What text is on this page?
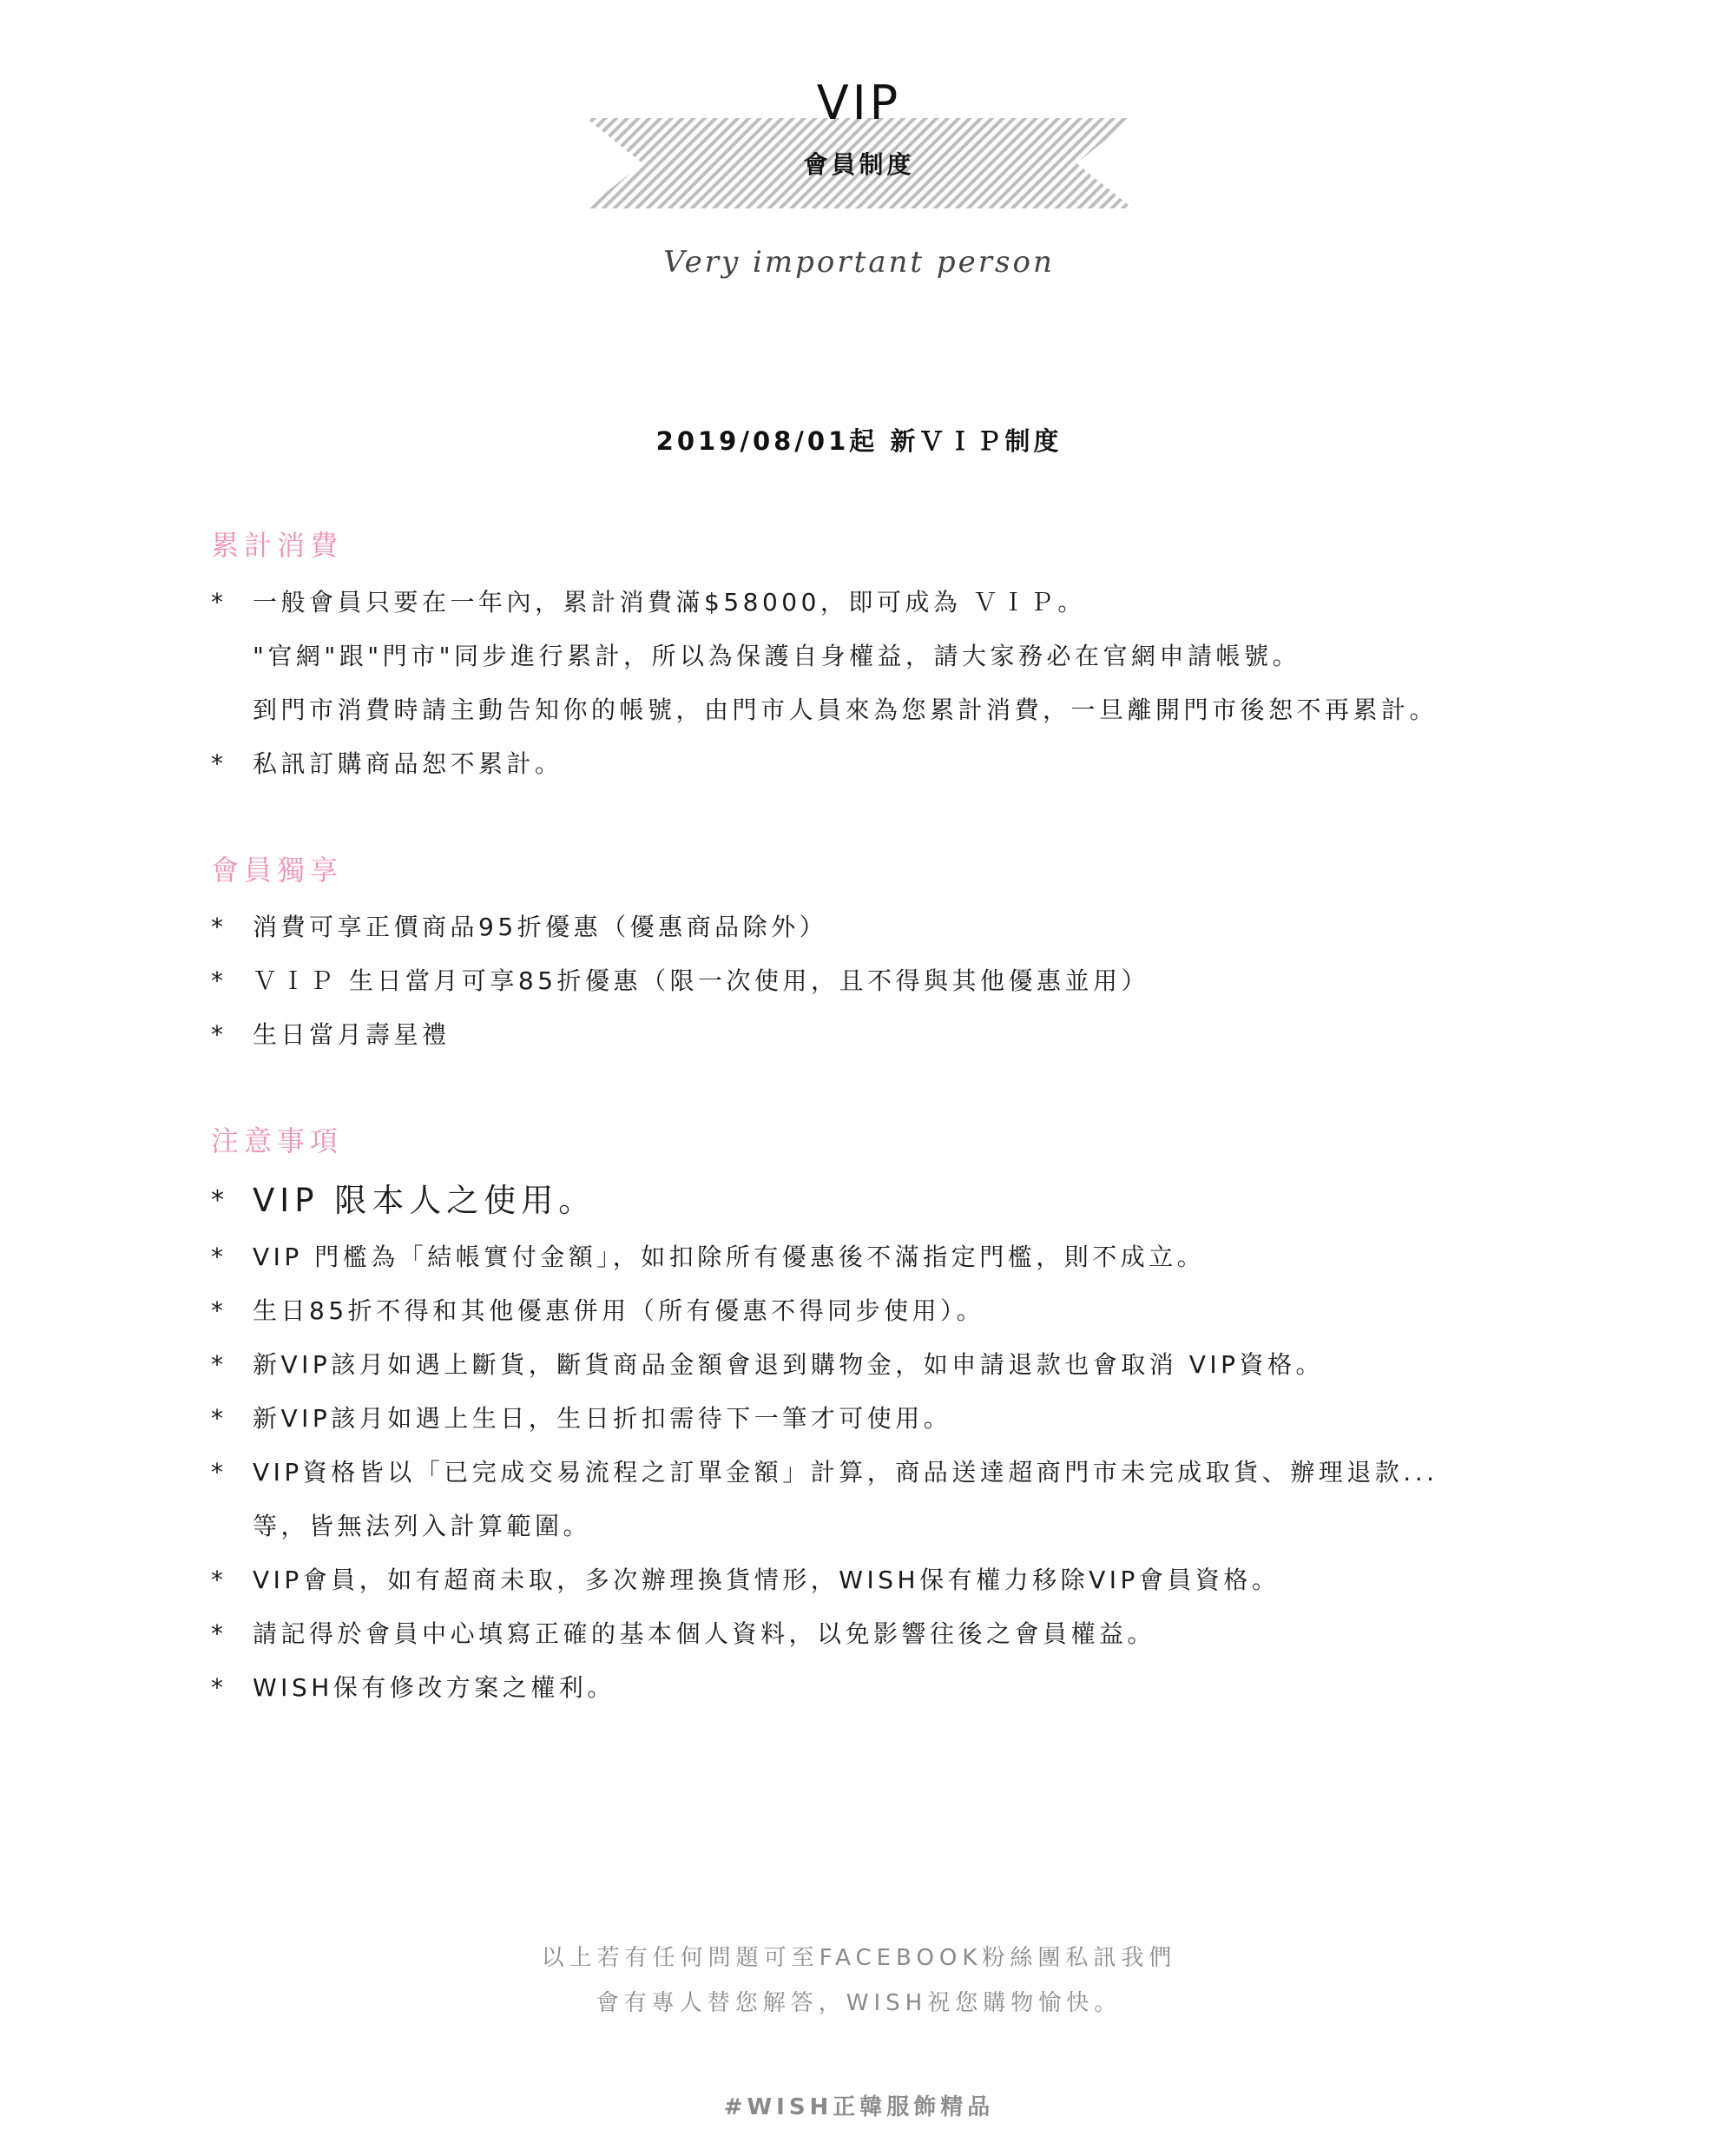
VIP
會員制度
Very important person
2019/08/01起 新ＶＩＰ制度
累計消費
*	一般會員只要在一年內，累計消費滿$58000，即可成為 ＶＩＰ。
"官網"跟"門市"同步進行累計，所以為保護自身權益，請大家務必在官網申請帳號。
到門市消費時請主動告知你的帳號，由門市人員來為您累計消費，一旦離開門市後恕不再累計。
*	私訊訂購商品恕不累計。
會員獨享
*	消費可享正價商品95折優惠（優惠商品除外）
*	ＶＩＰ 生日當月可享85折優惠（限一次使用，且不得與其他優惠並用）
*	生日當月壽星禮
注意事項
* VIP 限本人之使用。
*	VIP 門檻為「結帳實付金額」，如扣除所有優惠後不滿指定門檻，則不成立。
*	生日85折不得和其他優惠併用（所有優惠不得同步使用）。
*	新VIP該月如遇上斷貨，斷貨商品金額會退到購物金，如申請退款也會取消 VIP資格。
*	新VIP該月如遇上生日，生日折扣需待下一筆才可使用。
*	VIP資格皆以「已完成交易流程之訂單金額」計算，商品送達超商門市未完成取貨、辦理退款...
等，皆無法列入計算範圍。
*	VIP會員，如有超商未取，多次辦理換貨情形，WISH保有權力移除VIP會員資格。
*	請記得於會員中心填寫正確的基本個人資料，以免影響往後之會員權益。
*	WISH保有修改方案之權利。
以上若有任何問題可至FACEBOOK粉絲團私訊我們
會有專人替您解答，WISH祝您購物愉快。
#WISH正韓服飾精品
